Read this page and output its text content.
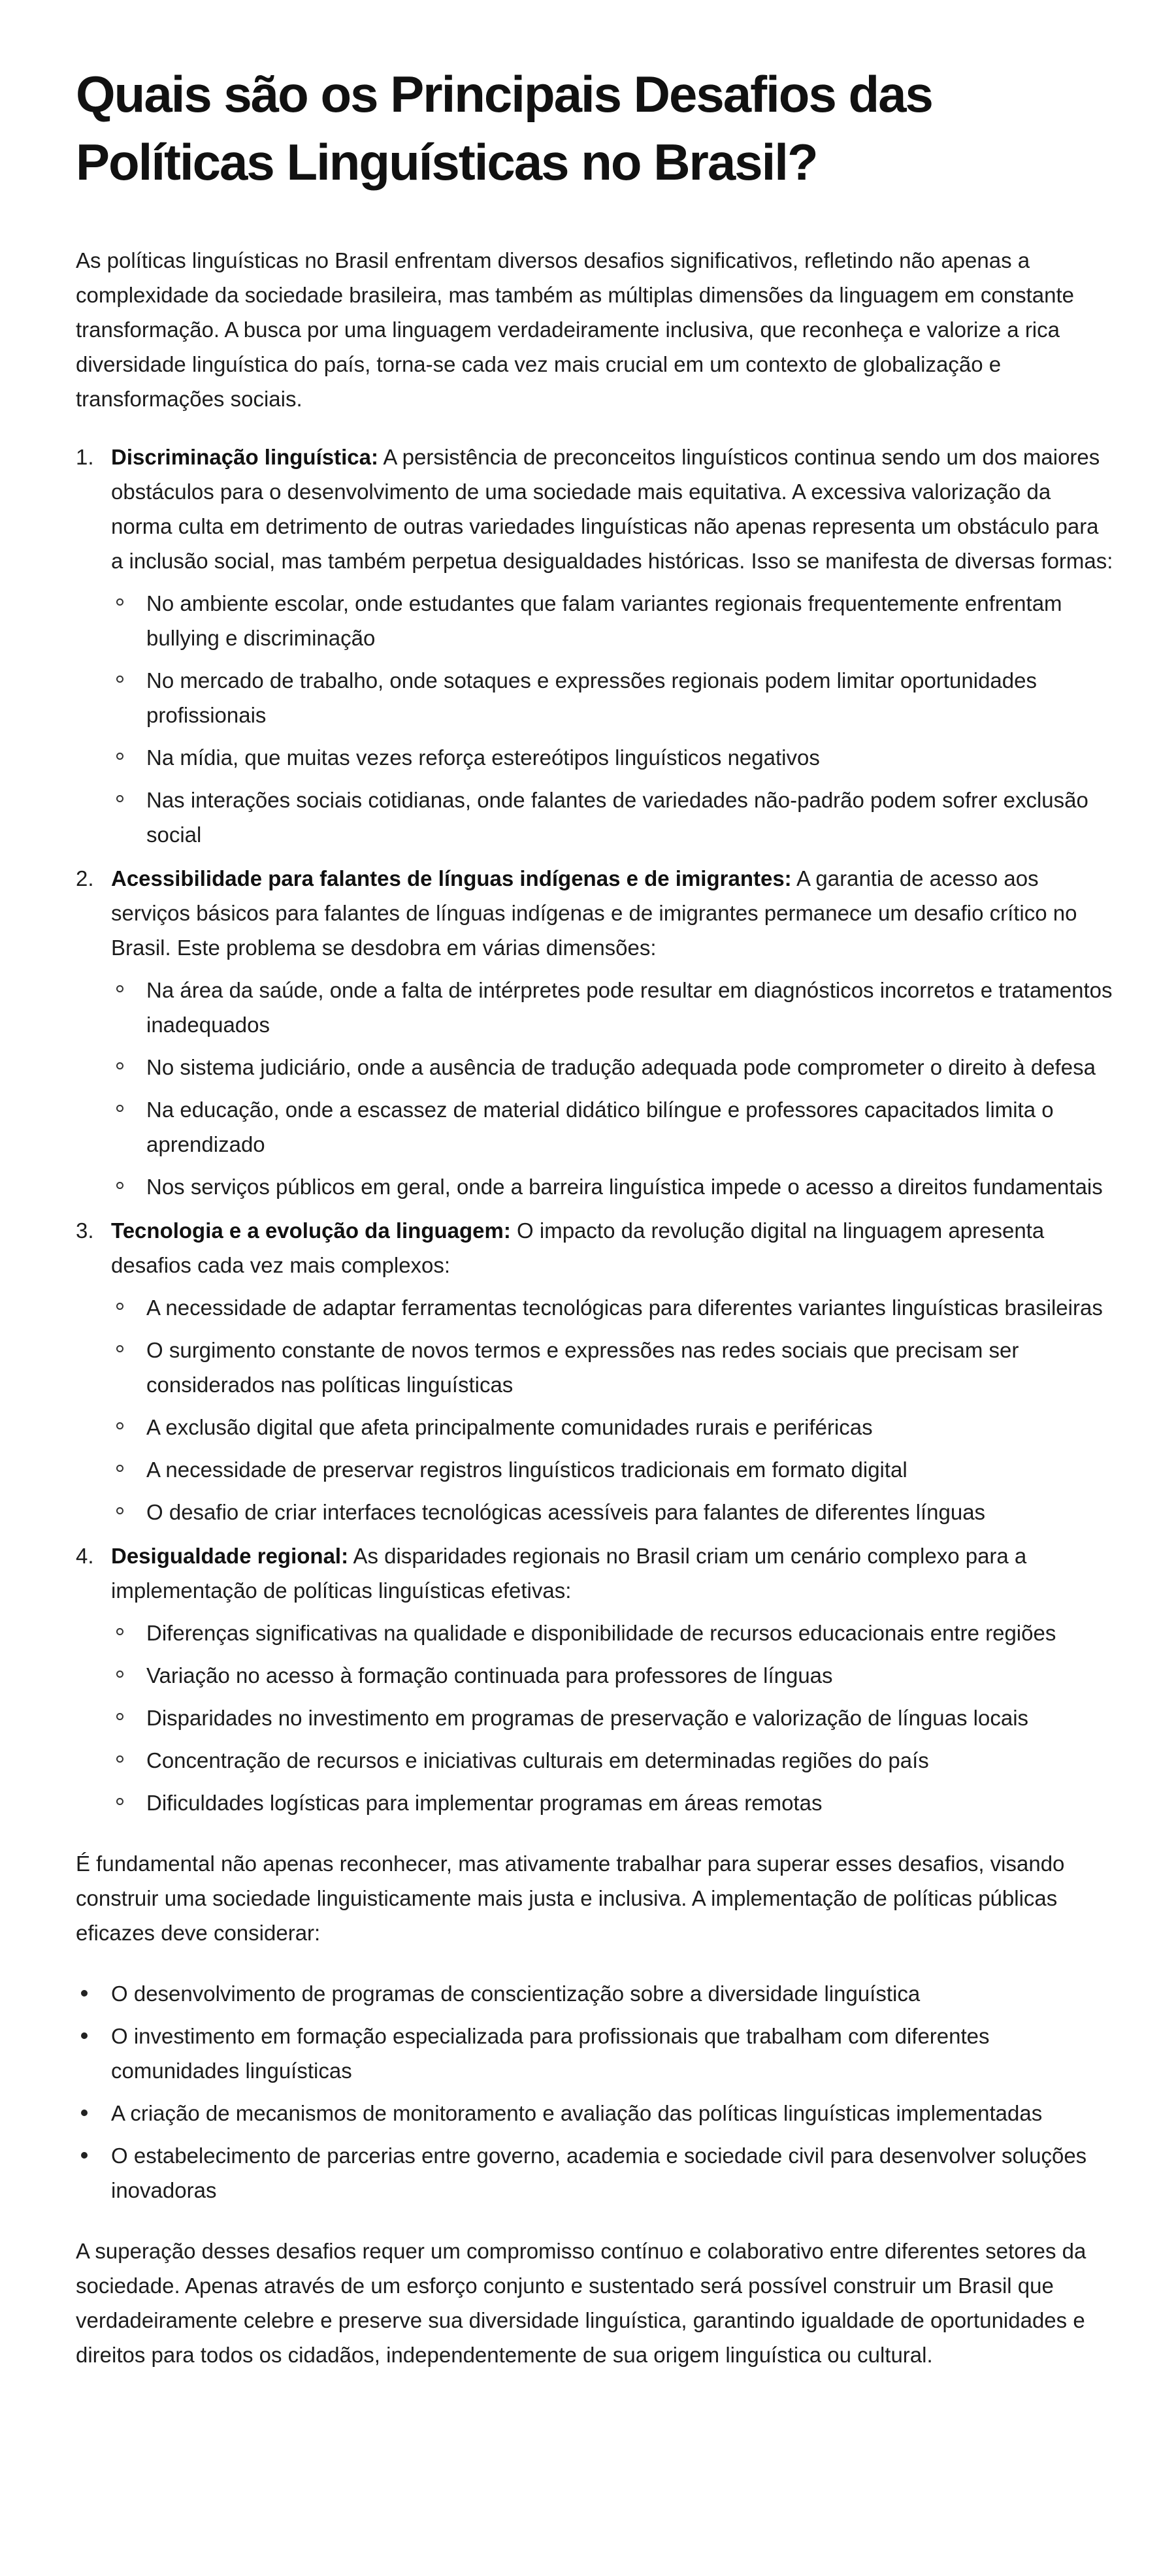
Quais são os Principais Desafios das Políticas Linguísticas no Brasil?

As políticas linguísticas no Brasil enfrentam diversos desafios significativos, refletindo não apenas a complexidade da sociedade brasileira, mas também as múltiplas dimensões da linguagem em constante transformação. A busca por uma linguagem verdadeiramente inclusiva, que reconheça e valorize a rica diversidade linguística do país, torna-se cada vez mais crucial em um contexto de globalização e transformações sociais.

1. Discriminação linguística: A persistência de preconceitos linguísticos continua sendo um dos maiores obstáculos para o desenvolvimento de uma sociedade mais equitativa. A excessiva valorização da norma culta em detrimento de outras variedades linguísticas não apenas representa um obstáculo para a inclusão social, mas também perpetua desigualdades históricas. Isso se manifesta de diversas formas:
No ambiente escolar, onde estudantes que falam variantes regionais frequentemente enfrentam bullying e discriminação
No mercado de trabalho, onde sotaques e expressões regionais podem limitar oportunidades profissionais
Na mídia, que muitas vezes reforça estereótipos linguísticos negativos
Nas interações sociais cotidianas, onde falantes de variedades não-padrão podem sofrer exclusão social
2. Acessibilidade para falantes de línguas indígenas e de imigrantes: A garantia de acesso aos serviços básicos para falantes de línguas indígenas e de imigrantes permanece um desafio crítico no Brasil. Este problema se desdobra em várias dimensões:
Na área da saúde, onde a falta de intérpretes pode resultar em diagnósticos incorretos e tratamentos inadequados
No sistema judiciário, onde a ausência de tradução adequada pode comprometer o direito à defesa
Na educação, onde a escassez de material didático bilíngue e professores capacitados limita o aprendizado
Nos serviços públicos em geral, onde a barreira linguística impede o acesso a direitos fundamentais
3. Tecnologia e a evolução da linguagem: O impacto da revolução digital na linguagem apresenta desafios cada vez mais complexos:
A necessidade de adaptar ferramentas tecnológicas para diferentes variantes linguísticas brasileiras
O surgimento constante de novos termos e expressões nas redes sociais que precisam ser considerados nas políticas linguísticas
A exclusão digital que afeta principalmente comunidades rurais e periféricas
A necessidade de preservar registros linguísticos tradicionais em formato digital
O desafio de criar interfaces tecnológicas acessíveis para falantes de diferentes línguas
4. Desigualdade regional: As disparidades regionais no Brasil criam um cenário complexo para a implementação de políticas linguísticas efetivas:
Diferenças significativas na qualidade e disponibilidade de recursos educacionais entre regiões
Variação no acesso à formação continuada para professores de línguas
Disparidades no investimento em programas de preservação e valorização de línguas locais
Concentração de recursos e iniciativas culturais em determinadas regiões do país
Dificuldades logísticas para implementar programas em áreas remotas

É fundamental não apenas reconhecer, mas ativamente trabalhar para superar esses desafios, visando construir uma sociedade linguisticamente mais justa e inclusiva. A implementação de políticas públicas eficazes deve considerar:

O desenvolvimento de programas de conscientização sobre a diversidade linguística
O investimento em formação especializada para profissionais que trabalham com diferentes comunidades linguísticas
A criação de mecanismos de monitoramento e avaliação das políticas linguísticas implementadas
O estabelecimento de parcerias entre governo, academia e sociedade civil para desenvolver soluções inovadoras

A superação desses desafios requer um compromisso contínuo e colaborativo entre diferentes setores da sociedade. Apenas através de um esforço conjunto e sustentado será possível construir um Brasil que verdadeiramente celebre e preserve sua diversidade linguística, garantindo igualdade de oportunidades e direitos para todos os cidadãos, independentemente de sua origem linguística ou cultural.
